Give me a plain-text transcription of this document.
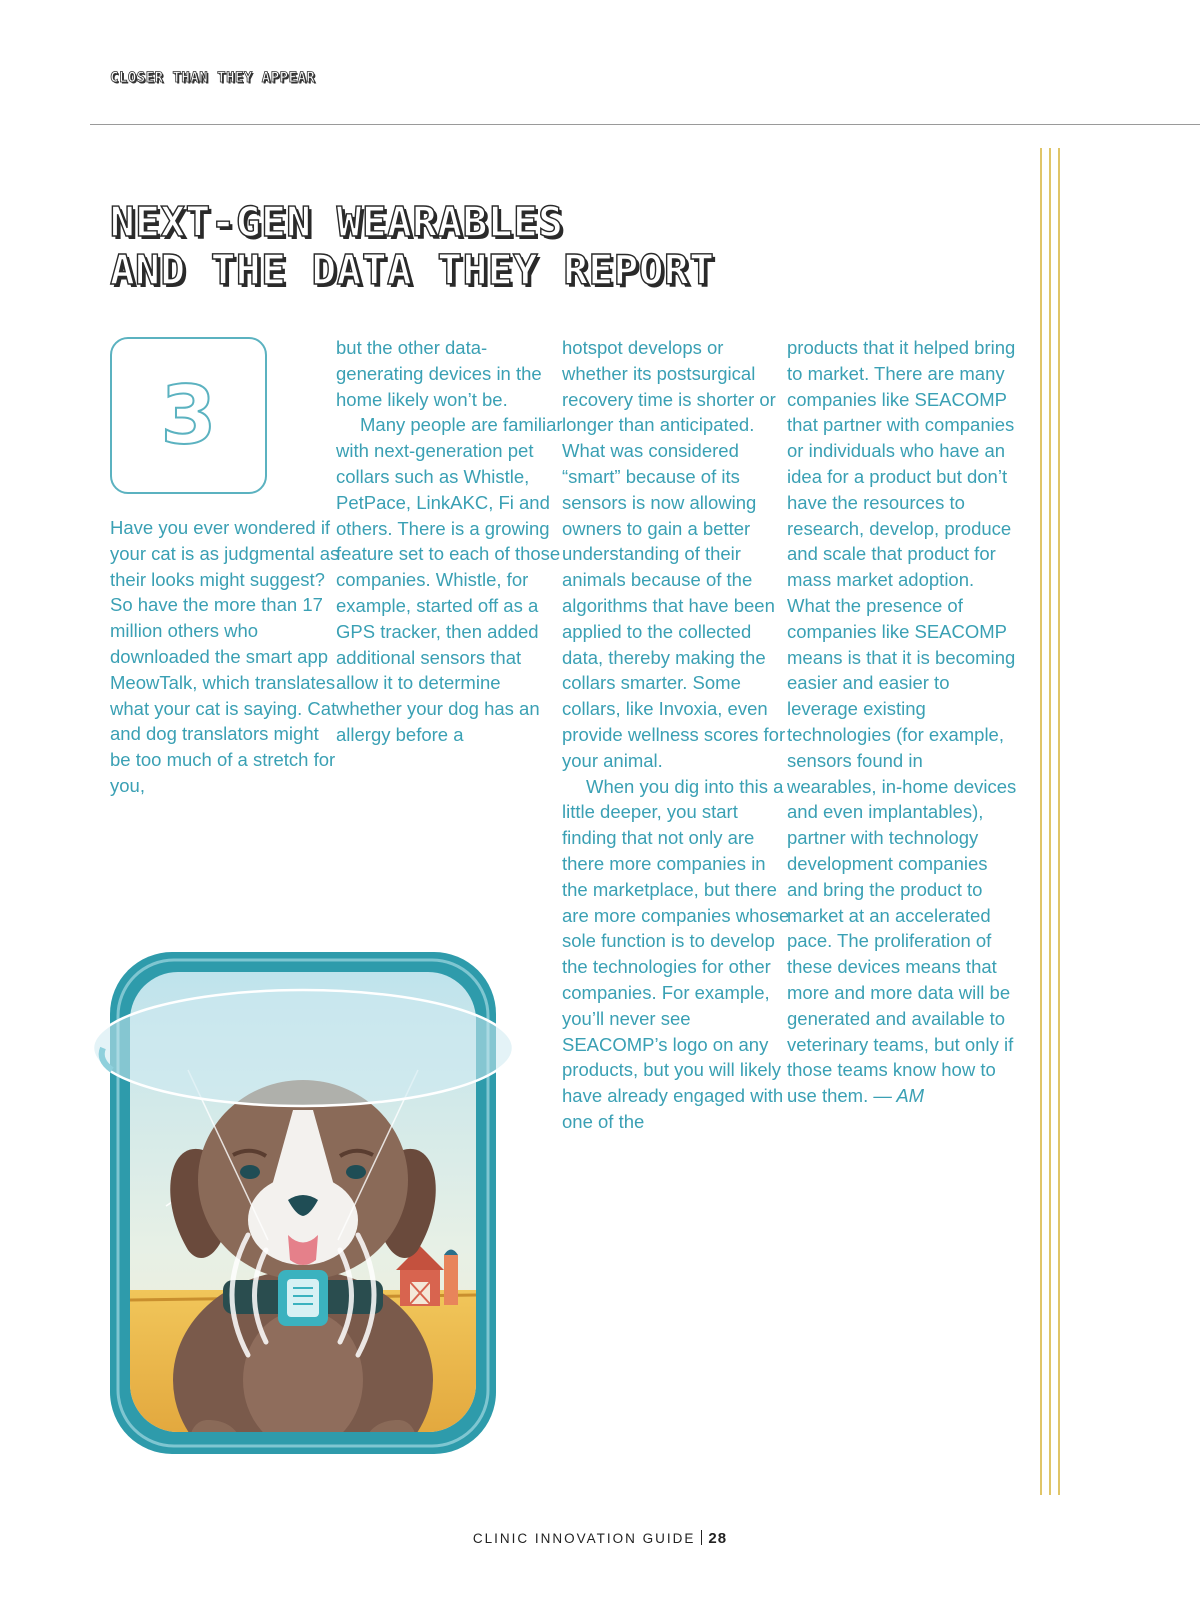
CLOSER THAN THEY APPEAR
NEXT-GEN WEARABLES
AND THE DATA THEY REPORT
3

Have you ever wondered if your cat is as judgmental as their looks might suggest? So have the more than 17 million others who downloaded the smart app MeowTalk, which translates what your cat is saying. Cat and dog translators might be too much of a stretch for you,

but the other data-generating devices in the home likely won’t be.

Many people are familiar with next-generation pet collars such as Whistle, PetPace, LinkAKC, Fi and others. There is a growing feature set to each of those companies. Whistle, for example, started off as a GPS tracker, then added additional sensors that allow it to determine whether your dog has an allergy before a

hotspot develops or whether its postsurgical recovery time is shorter or longer than anticipated. What was considered “smart” because of its sensors is now allowing owners to gain a better understanding of their animals because of the algorithms that have been applied to the collected data, thereby making the collars smarter. Some collars, like Invoxia, even provide wellness scores for your animal.

When you dig into this a little deeper, you start finding that not only are there more companies in the marketplace, but there are more companies whose sole function is to develop the technologies for other companies. For example, you’ll never see SEACOMP’s logo on any products, but you will likely have already engaged with one of the

products that it helped bring to market. There are many companies like SEACOMP that partner with companies or individuals who have an idea for a product but don’t have the resources to research, develop, produce and scale that product for mass market adoption. What the presence of companies like SEACOMP means is that it is becoming easier and easier to leverage existing technologies (for example, sensors found in wearables, in-home devices and even implantables), partner with technology development companies and bring the product to market at an accelerated pace. The proliferation of these devices means that more and more data will be generated and available to veterinary teams, but only if those teams know how to use them. — AM

CLINIC INNOVATION GUIDE 28
